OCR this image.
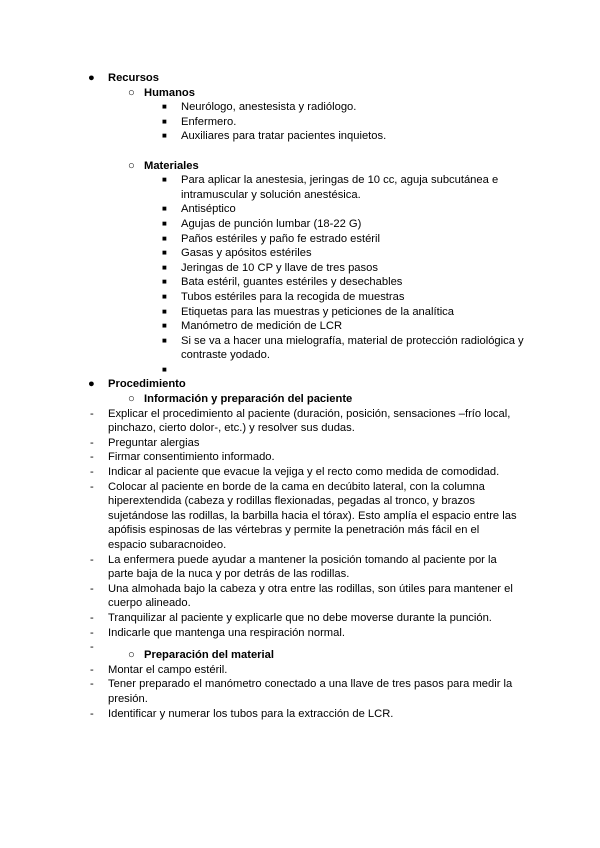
● Recursos
○ Humanos
■ Neurólogo, anestesista y radiólogo.
■ Enfermero.
■ Auxiliares para tratar pacientes inquietos.
○ Materiales
■ Para aplicar la anestesia, jeringas de 10 cc, aguja subcutánea e intramuscular y solución anestésica.
■ Antiséptico
■ Agujas de punción lumbar (18-22 G)
■ Paños estériles y paño fe estrado estéril
■ Gasas y apósitos estériles
■ Jeringas de 10 CP y llave de tres pasos
■ Bata estéril, guantes estériles y desechables
■ Tubos estériles para la recogida de muestras
■ Etiquetas para las muestras y peticiones de la analítica
■ Manómetro de medición de LCR
■ Si se va a hacer una mielografía, material de protección radiológica y contraste yodado.
■
● Procedimiento
○ Información y preparación del paciente
- Explicar el procedimiento al paciente (duración, posición, sensaciones –frío local, pinchazo, cierto dolor-, etc.) y resolver sus dudas.
- Preguntar alergias
- Firmar consentimiento informado.
- Indicar al paciente que evacue la vejiga y el recto como medida de comodidad.
- Colocar al paciente en borde de la cama en decúbito lateral, con la columna hiperextendida (cabeza y rodillas flexionadas, pegadas al tronco, y brazos sujetándose las rodillas, la barbilla hacia el tórax). Esto amplía el espacio entre las apófisis espinosas de las vértebras y permite la penetración más fácil en el espacio subaracnoideo.
- La enfermera puede ayudar a mantener la posición tomando al paciente por la parte baja de la nuca y por detrás de las rodillas.
- Una almohada bajo la cabeza y otra entre las rodillas, son útiles para mantener el cuerpo alineado.
- Tranquilizar al paciente y explicarle que no debe moverse durante la punción.
- Indicarle que mantenga una respiración normal.
-
○ Preparación del material
- Montar el campo estéril.
- Tener preparado el manómetro conectado a una llave de tres pasos para medir la presión.
- Identificar y numerar los tubos para la extracción de LCR.
